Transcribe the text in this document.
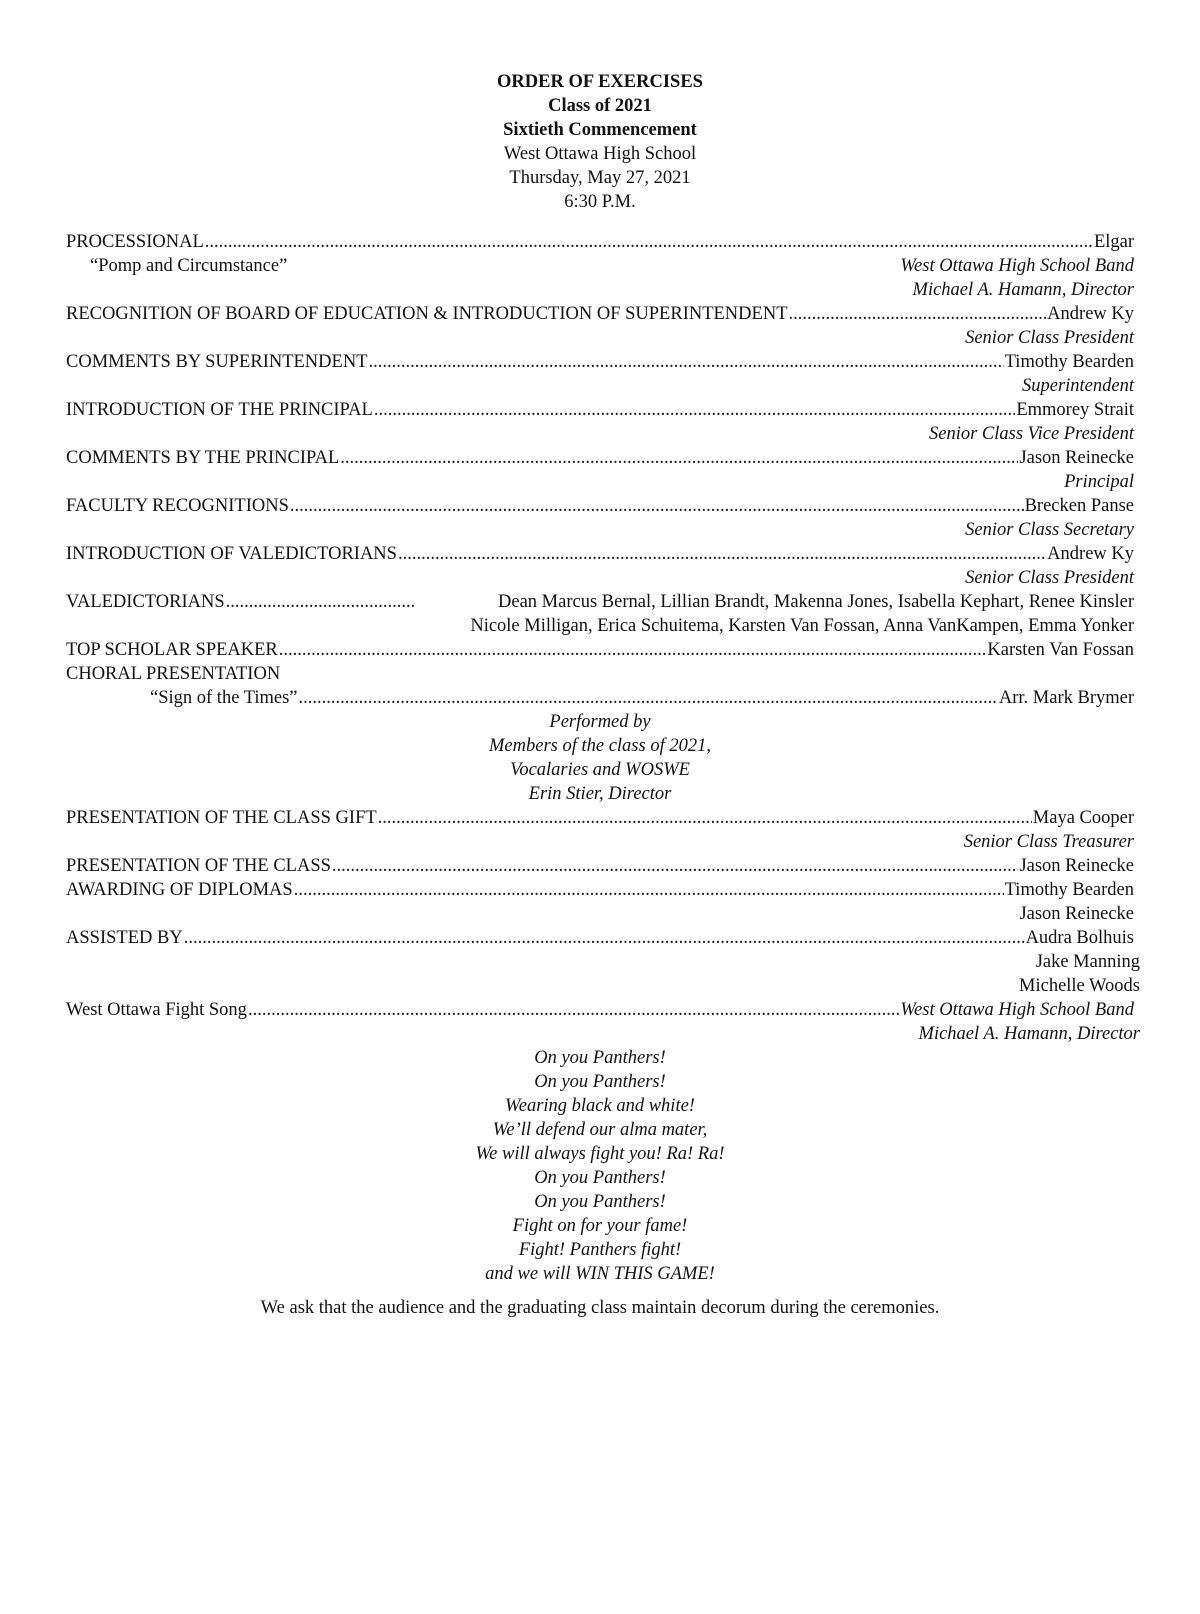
ORDER OF EXERCISES
Class of 2021
Sixtieth Commencement
West Ottawa High School
Thursday, May 27, 2021
6:30 P.M.
PROCESSIONAL .....	Elgar
“Pomp and Circumstance”	West Ottawa High School Band
Michael A. Hamann, Director
RECOGNITION OF BOARD OF EDUCATION & INTRODUCTION OF SUPERINTENDENT .....	Andrew Ky
Senior Class President
COMMENTS BY SUPERINTENDENT .....	Timothy Bearden
Superintendent
INTRODUCTION OF THE PRINCIPAL .....	Emmorey Strait
Senior Class Vice President
COMMENTS BY THE PRINCIPAL .....	Jason Reinecke
Principal
FACULTY RECOGNITIONS .....	Brecken Panse
Senior Class Secretary
INTRODUCTION OF VALEDICTORIANS .....	Andrew Ky
Senior Class President
VALEDICTORIANS .....	Dean Marcus Bernal, Lillian Brandt, Makenna Jones, Isabella Kephart, Renee Kinsler
Nicole Milligan, Erica Schuitema, Karsten Van Fossan, Anna VanKampen, Emma Yonker
TOP SCHOLAR SPEAKER .....	Karsten Van Fossan
CHORAL PRESENTATION
“Sign of the Times” .....	Arr. Mark Brymer
Performed by
Members of the class of 2021,
Vocalaries and WOSWE
Erin Stier, Director
PRESENTATION OF THE CLASS GIFT .....	Maya Cooper
Senior Class Treasurer
PRESENTATION OF THE CLASS .....	Jason Reinecke
AWARDING OF DIPLOMAS .....	Timothy Bearden
Jason Reinecke
ASSISTED BY .....	Audra Bolhuis
Jake Manning
Michelle Woods
West Ottawa Fight Song .....	West Ottawa High School Band
Michael A. Hamann, Director
On you Panthers!
On you Panthers!
Wearing black and white!
We’ll defend our alma mater,
We will always fight you! Ra! Ra!
On you Panthers!
On you Panthers!
Fight on for your fame!
Fight! Panthers fight!
and we will WIN THIS GAME!
We ask that the audience and the graduating class maintain decorum during the ceremonies.
